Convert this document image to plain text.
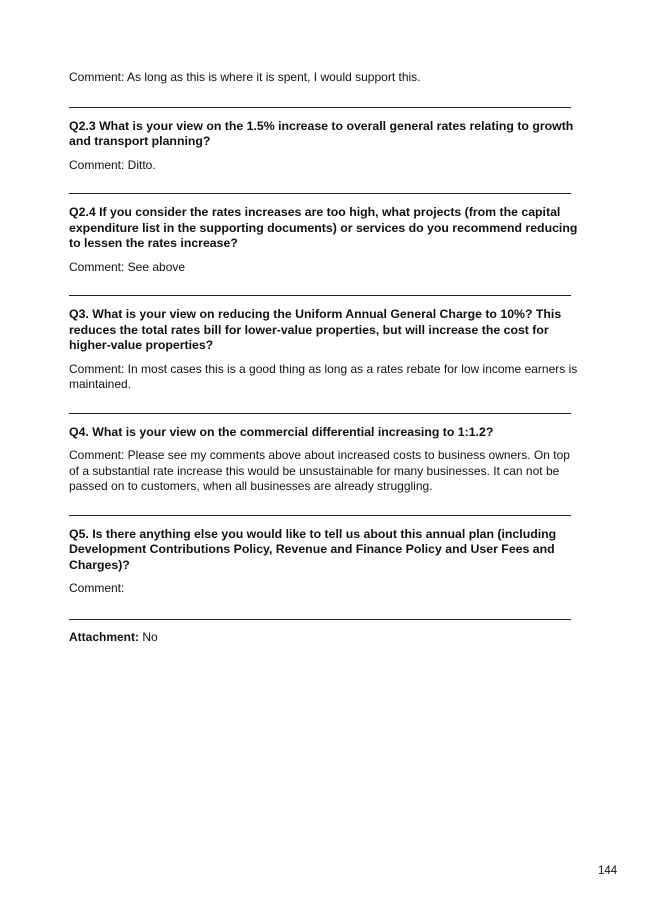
Comment: As long as this is where it is spent, I would support this.

Q2.3 What is your view on the 1.5% increase to overall general rates relating to growth and transport planning?

Comment: Ditto.

Q2.4 If you consider the rates increases are too high, what projects (from the capital expenditure list in the supporting documents) or services do you recommend reducing to lessen the rates increase?

Comment: See above

Q3. What is your view on reducing the Uniform Annual General Charge to 10%? This reduces the total rates bill for lower-value properties, but will increase the cost for higher-value properties?

Comment: In most cases this is a good thing as long as a rates rebate for low income earners is maintained.

Q4. What is your view on the commercial differential increasing to 1:1.2?

Comment: Please see my comments above about increased costs to business owners. On top of a substantial rate increase this would be unsustainable for many businesses. It can not be passed on to customers, when all businesses are already struggling.

Q5. Is there anything else you would like to tell us about this annual plan (including Development Contributions Policy, Revenue and Finance Policy and User Fees and Charges)?

Comment:

Attachment: No

144
